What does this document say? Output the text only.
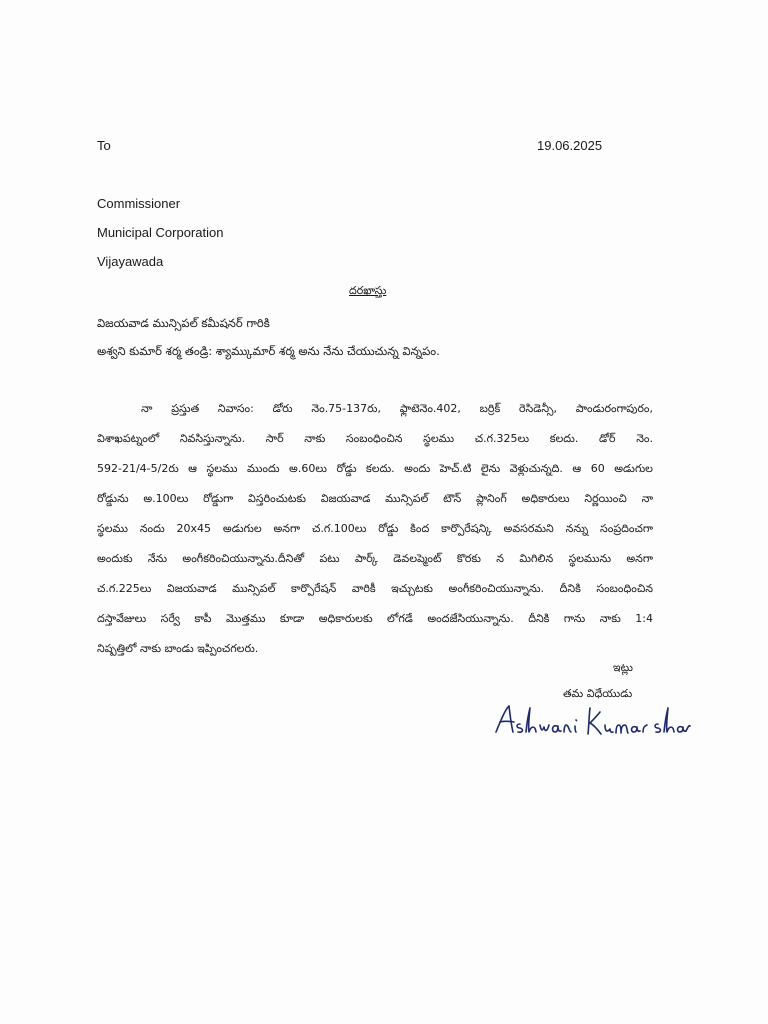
To	19.06.2025
Commissioner
Municipal Corporation
Vijayawada
దరఖాస్తు
విజయవాడ మున్సిపల్ కమీషనర్ గారికి
అశ్వని కుమార్ శర్మ తండ్రి: శ్యామ్కుమార్ శర్మ అను నేను చేయుచున్న విన్నపం.
నా ప్రస్తుత నివాసం: డోరు నెం.75-137రు, ఫ్లాటెనెం.402, బర్రిక్ రెసిడెన్సీ, పాండురంగాపురం,
విశాఖపట్నంలో నివసిస్తున్నాను. సార్ నాకు సంబంధించిన స్థలము చ.గ.325లు కలదు. డోర్ నెం.
592-21/4-5/2రు ఆ స్థలము ముందు అ.60లు రోడ్డు కలదు. అందు హెచ్.టి లైను వెళ్లుచున్నది. ఆ 60 అడుగుల
రోడ్డును అ.100లు రోడ్డుగా విస్తరించుటకు విజయవాడ మున్సిపల్ టౌన్ ప్లానింగ్ అధికారులు నిర్ణయించి నా
స్థలము నందు 20x45 అడుగుల అనగా చ.గ.100లు రోడ్డు కింద కార్పొరేషన్కి అవసరమని నన్ను సంప్రదించగా
అందుకు నేను అంగీకరించియున్నాను.దీనితో పటు పార్క్ డెవలప్మెంట్ కొరకు న మిగిలిన స్థలమును అనగా
చ.గ.225లు విజయవాడ మున్సిపల్ కార్పొరేషన్ వారికీ ఇచ్చుటకు అంగీకరించియున్నాను. దీనికి సంబంధించిన
దస్తావేజులు సర్వే కాపీ మొత్తము కూడా అధికారులకు లోగడే అందజేసియున్నాను. దీనికి గాను నాకు 1:4
నిష్పత్తిలో నాకు బాండు ఇప్పించగలరు.
ఇట్లు
తమ విధేయుడు
